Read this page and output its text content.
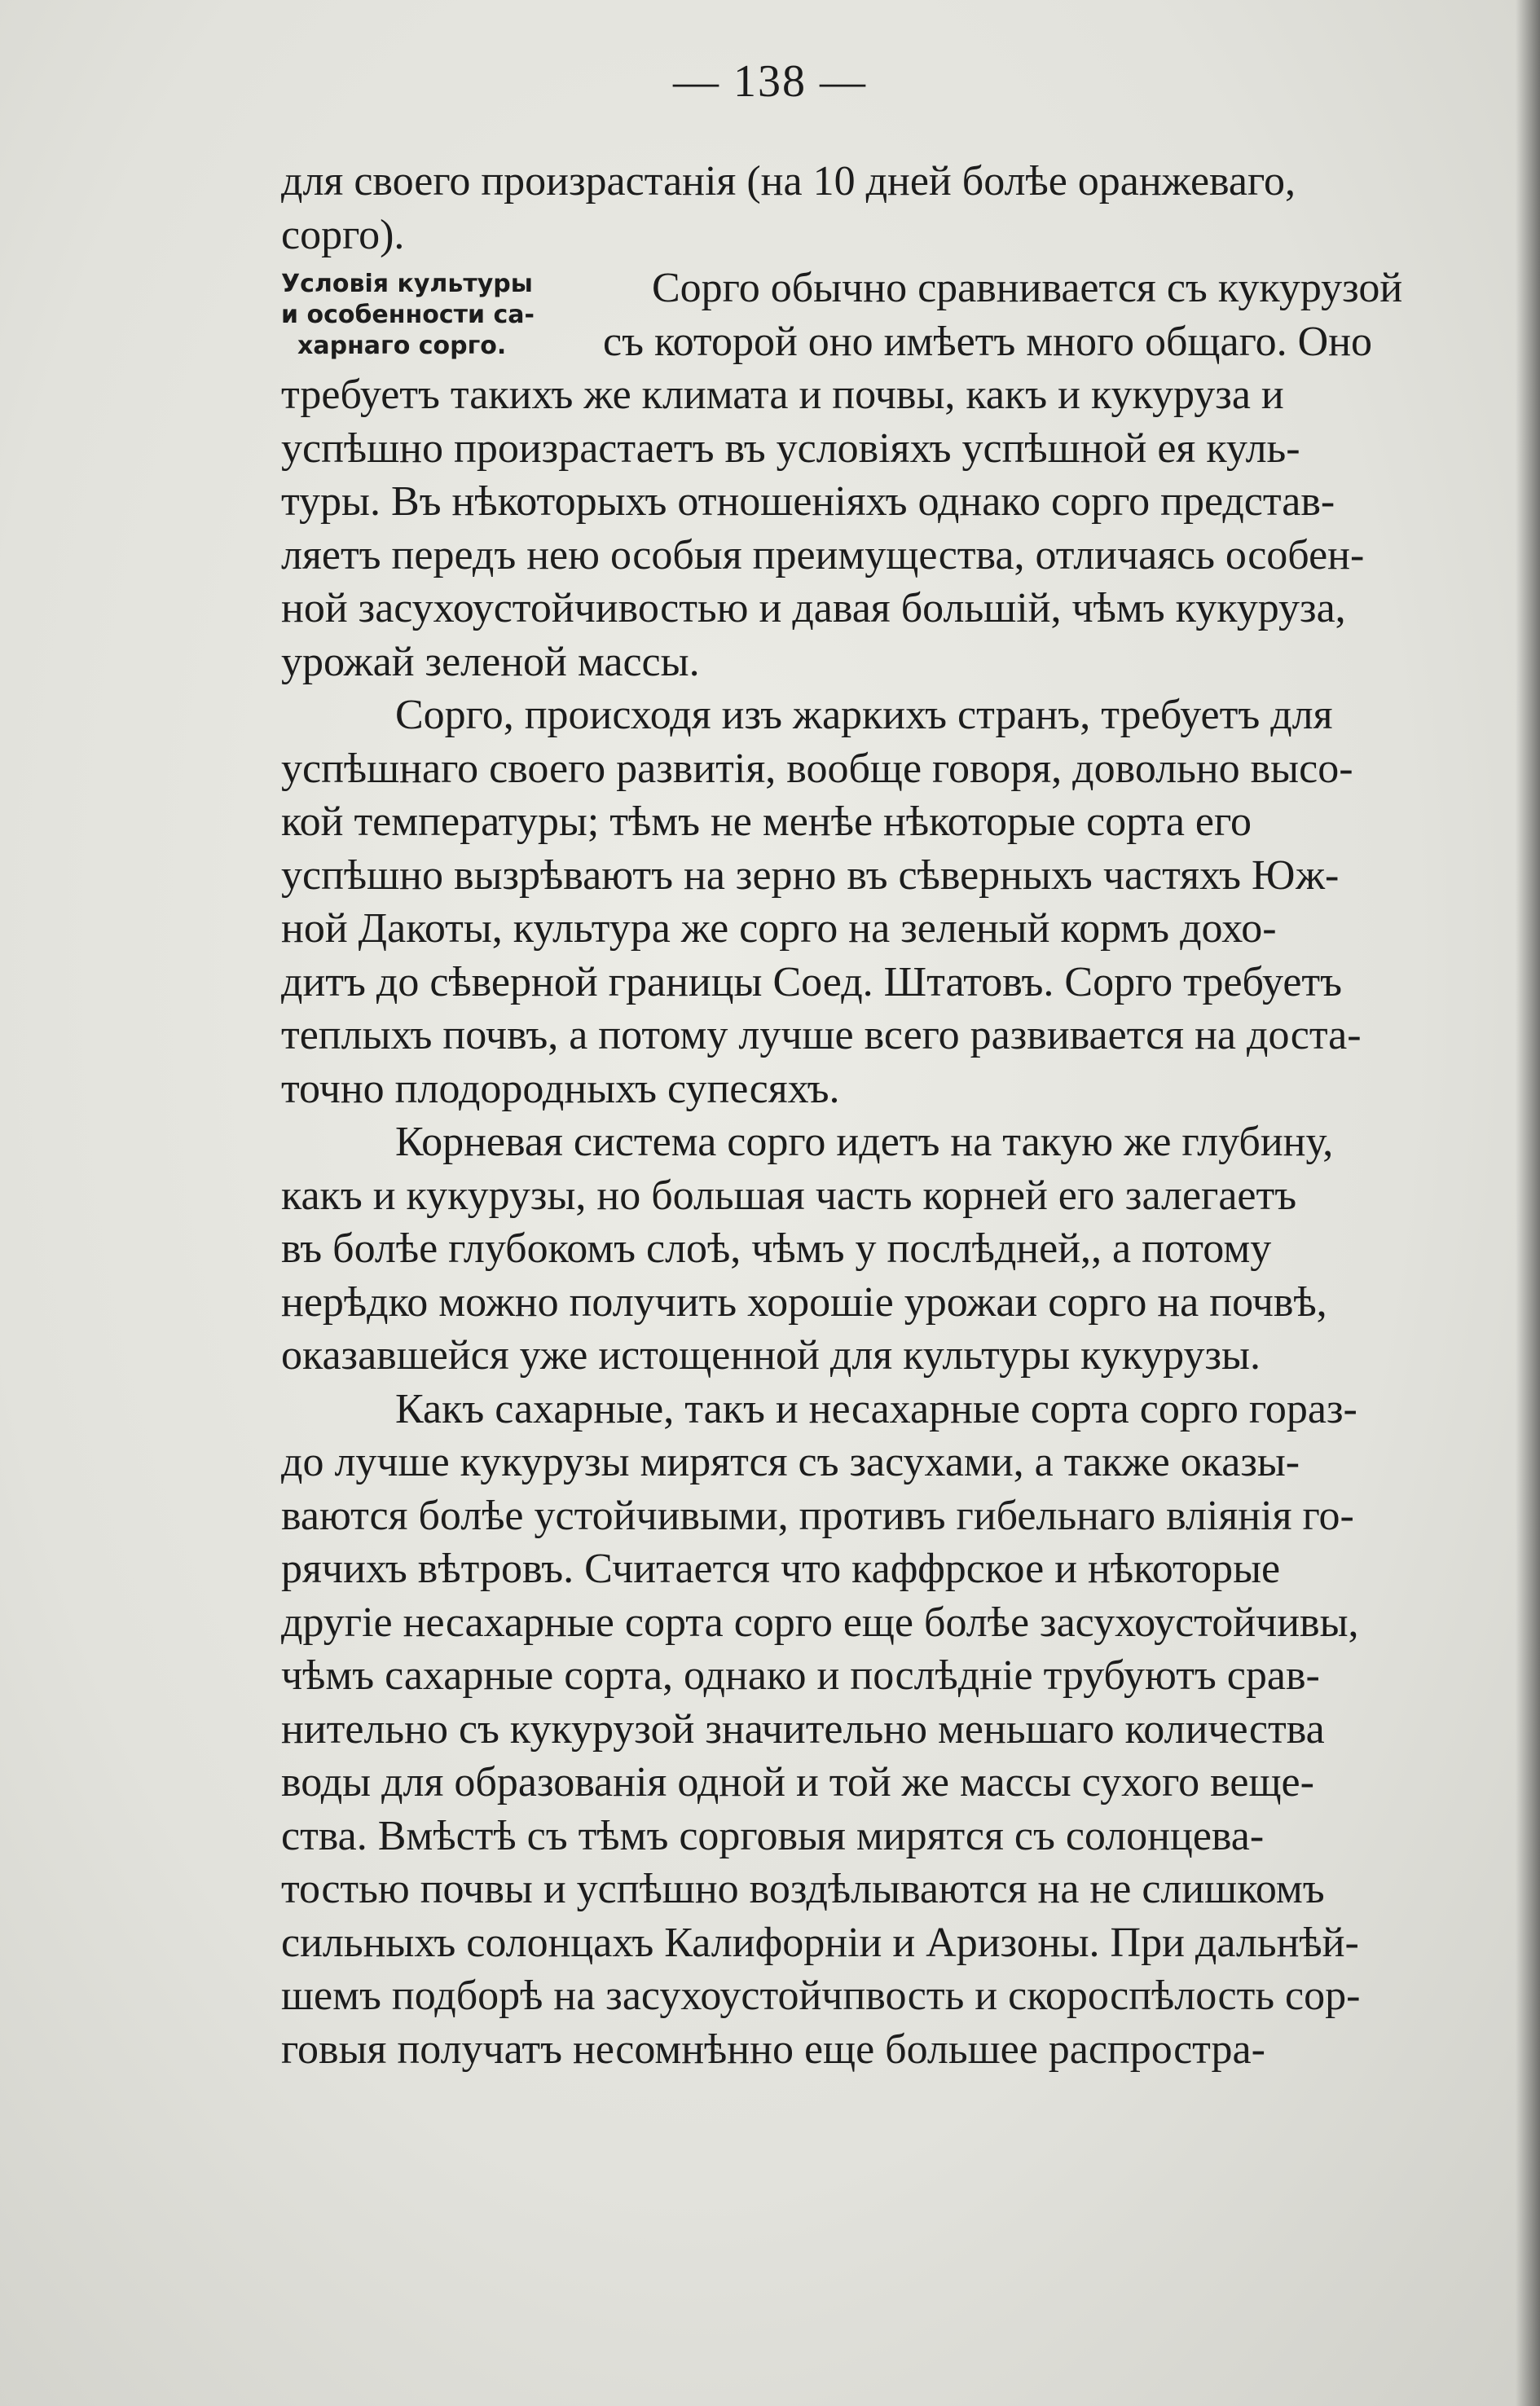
— 138 —
для своего произрастанія (на 10 дней болѣе оранжеваго,
сорго).
Условія культуры
и особенности са-
харнаго сорго.
Сорго обычно сравнивается съ кукурузой
съ которой оно имѣетъ много общаго. Оно
требуетъ такихъ же климата и почвы, какъ и кукуруза и
успѣшно произрастаетъ въ условіяхъ успѣшной ея куль-
туры. Въ нѣкоторыхъ отношеніяхъ однако сорго представ-
ляетъ передъ нею особыя преимущества, отличаясь особен-
ной засухоустойчивостью и давая большій, чѣмъ кукуруза,
урожай зеленой массы.
Сорго, происходя изъ жаркихъ странъ, требуетъ для
успѣшнаго своего развитія, вообще говоря, довольно высо-
кой температуры; тѣмъ не менѣе нѣкоторые сорта его
успѣшно вызрѣваютъ на зерно въ сѣверныхъ частяхъ Юж-
ной Дакоты, культура же сорго на зеленый кормъ дохо-
дитъ до сѣверной границы Соед. Штатовъ. Сорго требуетъ
теплыхъ почвъ, а потому лучше всего развивается на доста-
точно плодородныхъ супесяхъ.
Корневая система сорго идетъ на такую же глубину,
какъ и кукурузы, но большая часть корней его залегаетъ
въ болѣе глубокомъ слоѣ, чѣмъ у послѣдней,, а потому
нерѣдко можно получить хорошіе урожаи сорго на почвѣ,
оказавшейся уже истощенной для культуры кукурузы.
Какъ сахарные, такъ и несахарные сорта сорго гораз-
до лучше кукурузы мирятся съ засухами, а также оказы-
ваются болѣе устойчивыми, противъ гибельнаго вліянія го-
рячихъ вѣтровъ. Считается что каффрское и нѣкоторые
другіе несахарные сорта сорго еще болѣе засухоустойчивы,
чѣмъ сахарные сорта, однако и послѣдніе трубуютъ срав-
нительно съ кукурузой значительно меньшаго количества
воды для образованія одной и той же массы сухого веще-
ства. Вмѣстѣ съ тѣмъ сорговыя мирятся съ солонцева-
тостью почвы и успѣшно воздѣлываются на не слишкомъ
сильныхъ солонцахъ Калифорніи и Аризоны. При дальнѣй-
шемъ подборѣ на засухоустойчпвость и скороспѣлость сор-
говыя получатъ несомнѣнно еще большее распростра-
